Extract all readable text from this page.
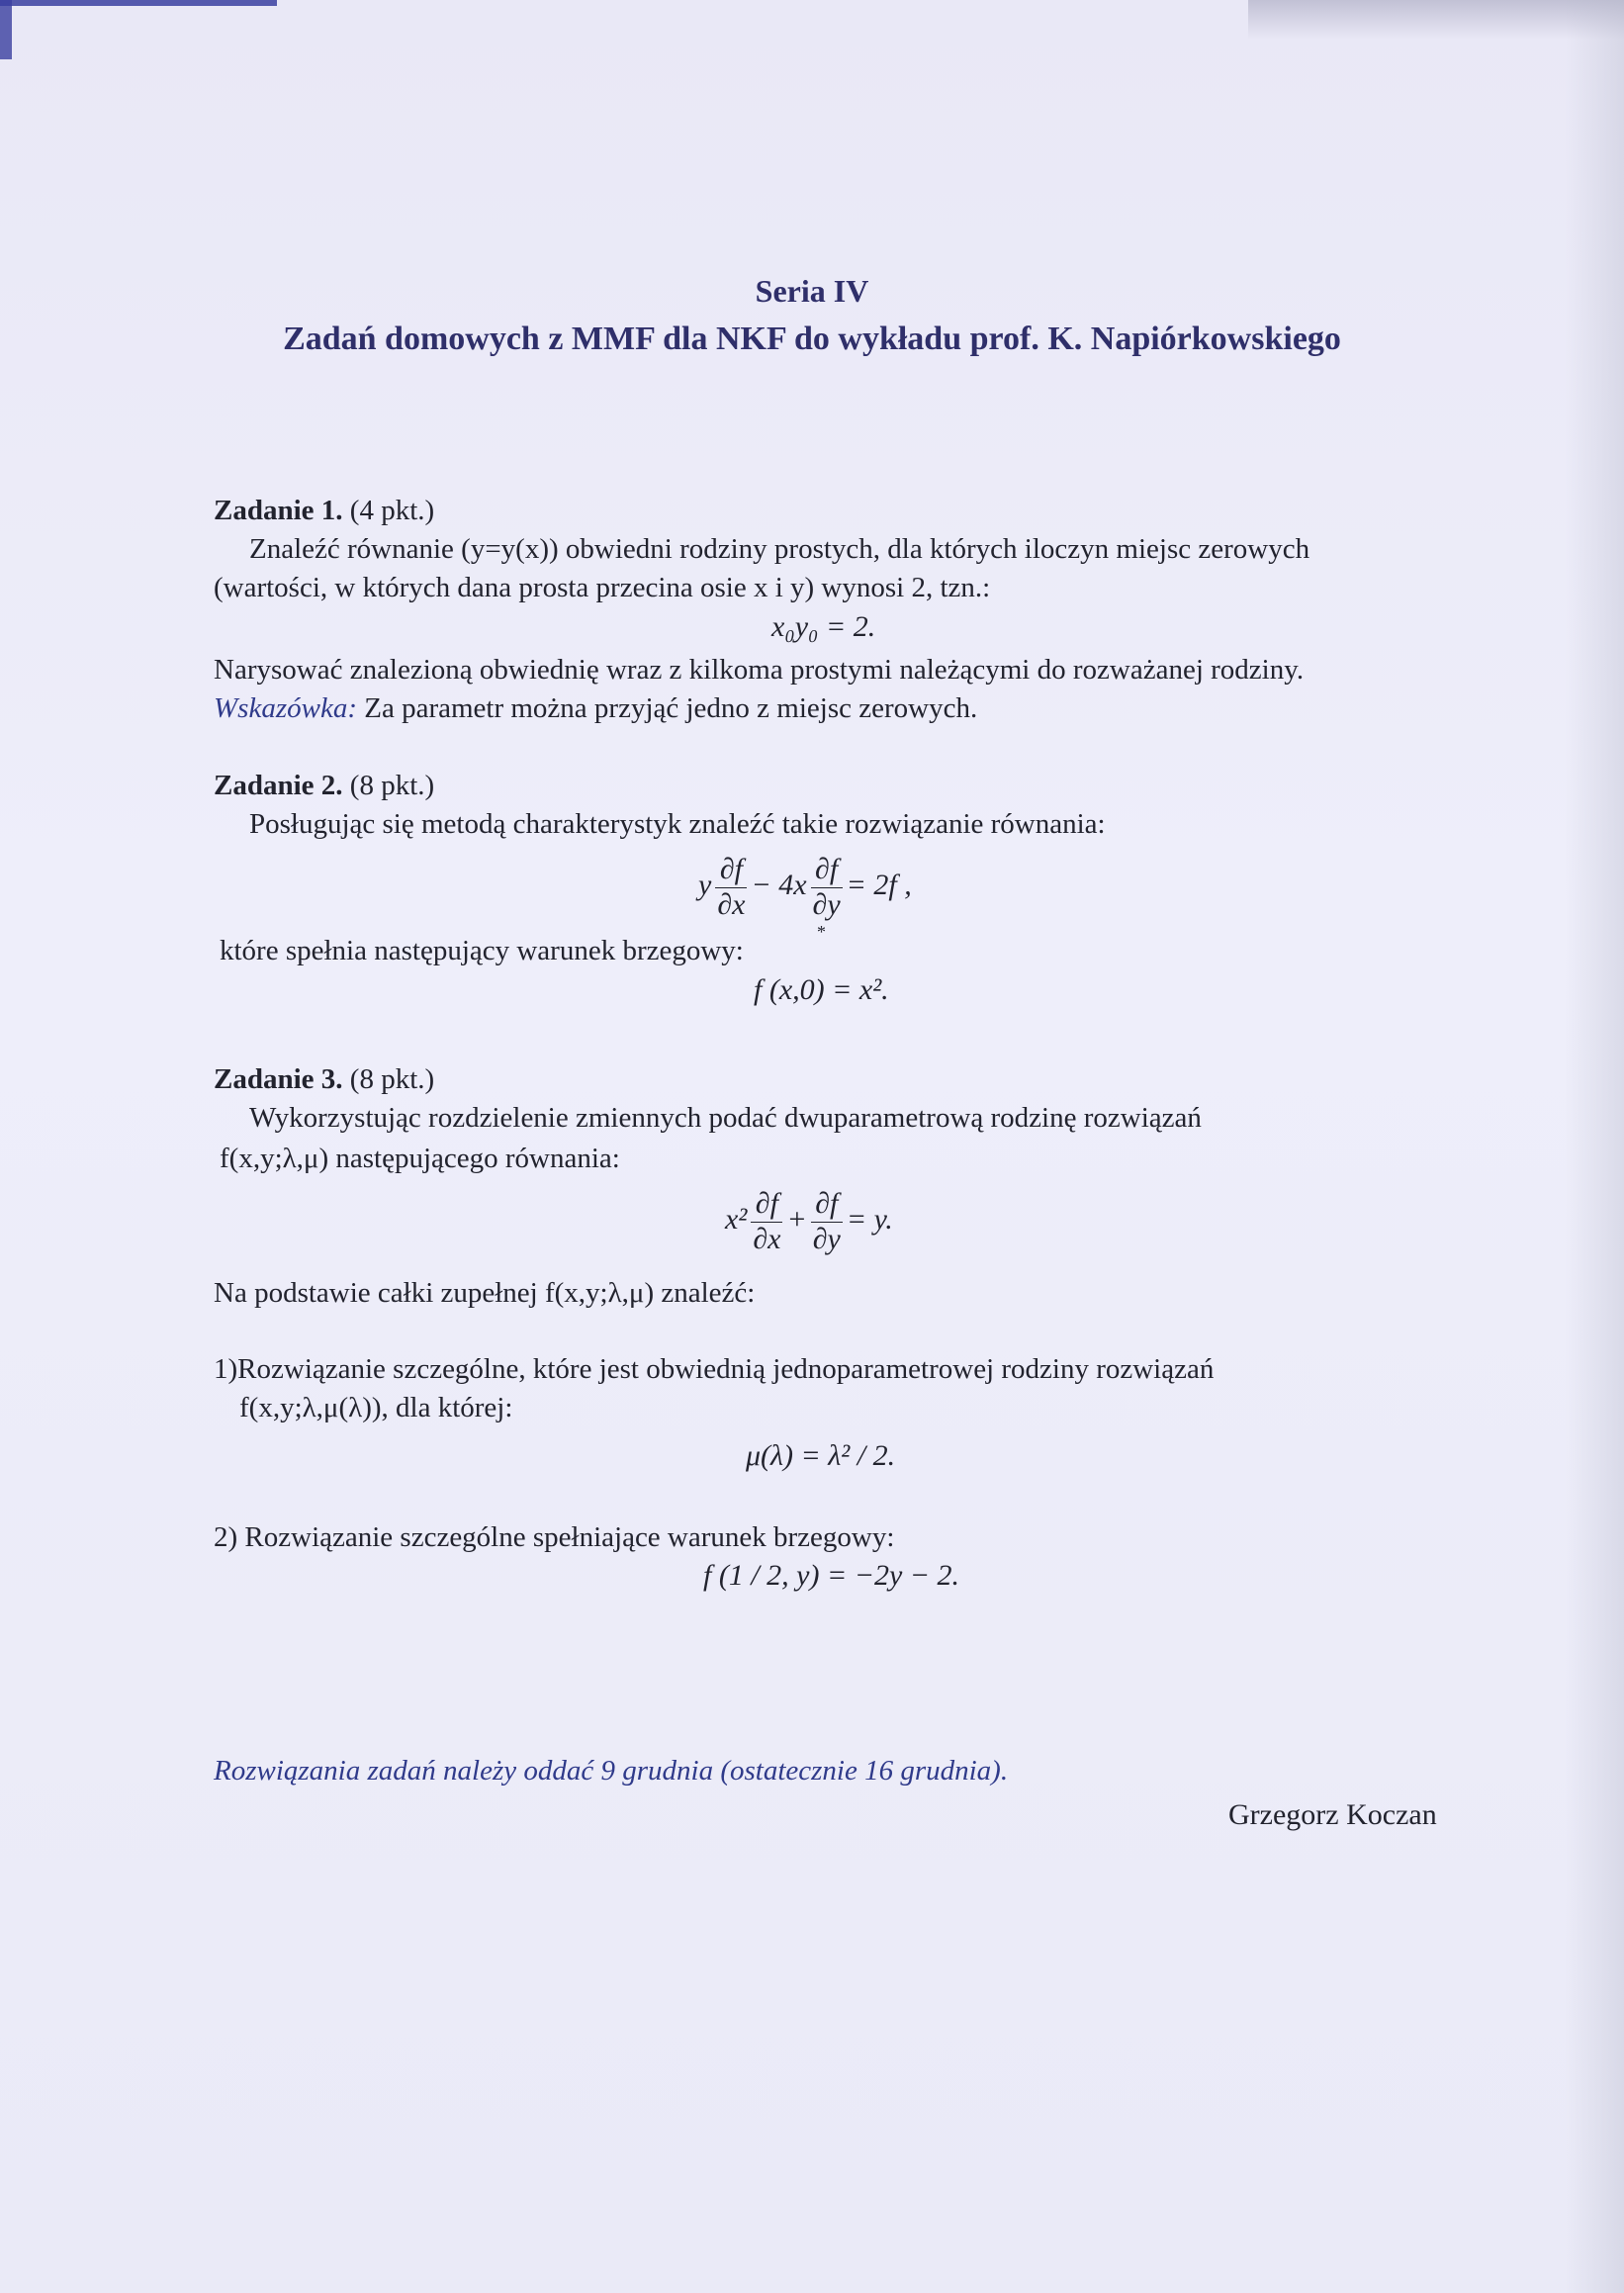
Seria IV
Zadań domowych z MMF dla NKF do wykładu prof. K. Napiórkowskiego
Zadanie 1. (4 pkt.)
Znaleźć równanie (y=y(x)) obwiedni rodziny prostych, dla których iloczyn miejsc zerowych
(wartości, w których dana prosta przecina osie x i y) wynosi 2, tzn.:
x₀y₀ = 2.
Narysować znalezioną obwiednię wraz z kilkoma prostymi należącymi do rozważanej rodziny.
Wskazówka: Za parametr można przyjąć jedno z miejsc zerowych.
Zadanie 2. (8 pkt.)
Posługując się metodą charakterystyk znaleźć takie rozwiązanie równania:
y $\frac{\partial f}{\partial x} - 4x \frac{\partial f}{\partial y} = 2f$ ,
*
które spełnia następujący warunek brzegowy:
f (x,0) = x².
Zadanie 3. (8 pkt.)
Wykorzystując rozdzielenie zmiennych podać dwuparametrową rodzinę rozwiązań
f(x,y;λ,μ) następującego równania:
$x^2 \frac{\partial f}{\partial x} + \frac{\partial f}{\partial y} = y$.
Na podstawie całki zupełnej f(x,y;λ,μ) znaleźć:
1)Rozwiązanie szczególne, które jest obwiednią jednoparametrowej rodziny rozwiązań
f(x,y;λ,μ(λ)), dla której:
μ(λ) = λ² / 2.
2) Rozwiązanie szczególne spełniające warunek brzegowy:
f (1 / 2, y) = −2y − 2.
Rozwiązania zadań należy oddać 9 grudnia (ostatecznie 16 grudnia).
Grzegorz Koczan
